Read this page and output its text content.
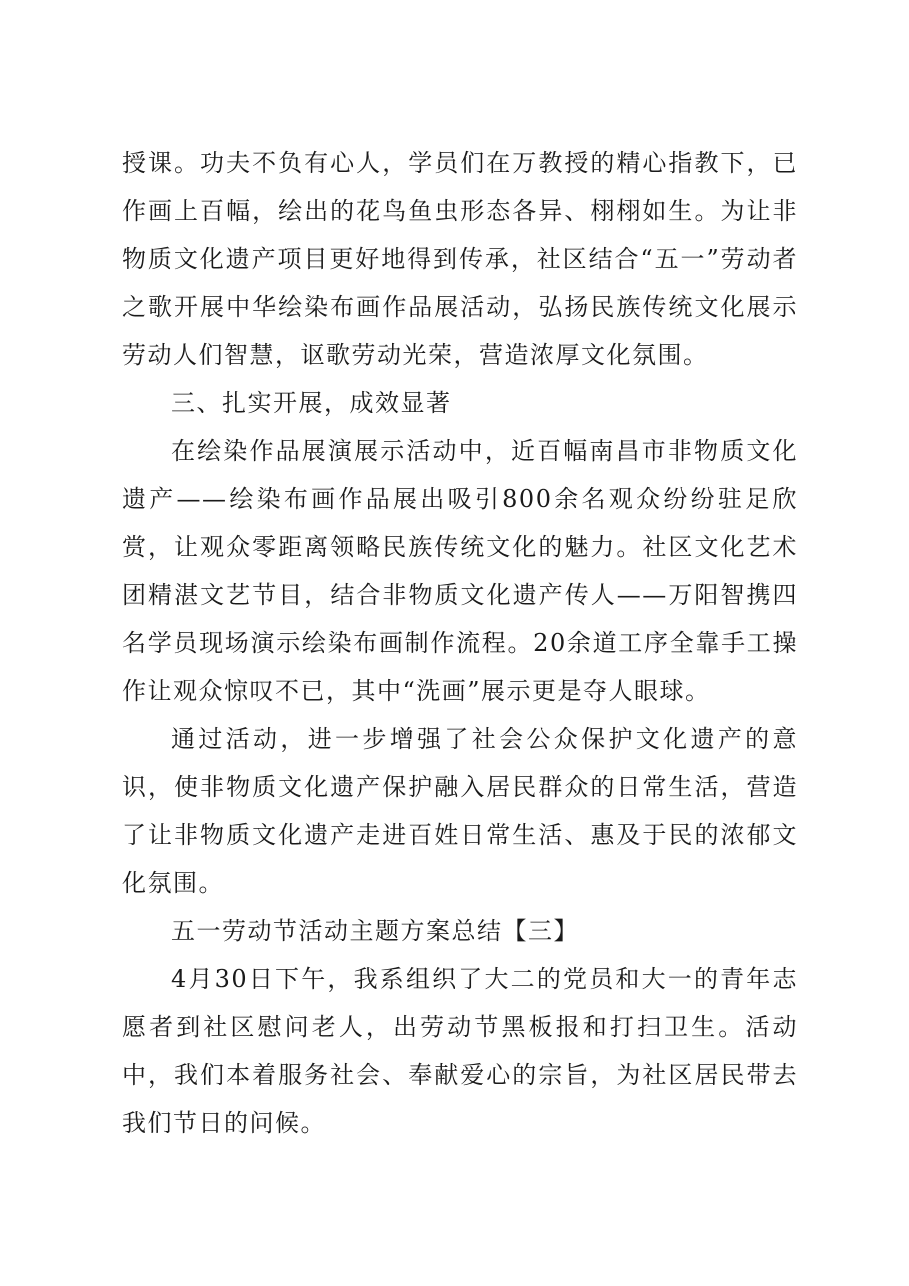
授课。功夫不负有心人，学员们在万教授的精心指教下，已作画上百幅，绘出的花鸟鱼虫形态各异、栩栩如生。为让非物质文化遗产项目更好地得到传承，社区结合“五一”劳动者之歌开展中华绘染布画作品展活动，弘扬民族传统文化展示劳动人们智慧，讴歌劳动光荣，营造浓厚文化氛围。

三、扎实开展，成效显著

在绘染作品展演展示活动中，近百幅南昌市非物质文化遗产——绘染布画作品展出吸引800余名观众纷纷驻足欣赏，让观众零距离领略民族传统文化的魅力。社区文化艺术团精湛文艺节目，结合非物质文化遗产传人——万阳智携四名学员现场演示绘染布画制作流程。20余道工序全靠手工操作让观众惊叹不已，其中“洗画”展示更是夺人眼球。

通过活动，进一步增强了社会公众保护文化遗产的意识，使非物质文化遗产保护融入居民群众的日常生活，营造了让非物质文化遗产走进百姓日常生活、惠及于民的浓郁文化氛围。

五一劳动节活动主题方案总结【三】

4月30日下午，我系组织了大二的党员和大一的青年志愿者到社区慰问老人，出劳动节黑板报和打扫卫生。活动中，我们本着服务社会、奉献爱心的宗旨，为社区居民带去我们节日的问候。
